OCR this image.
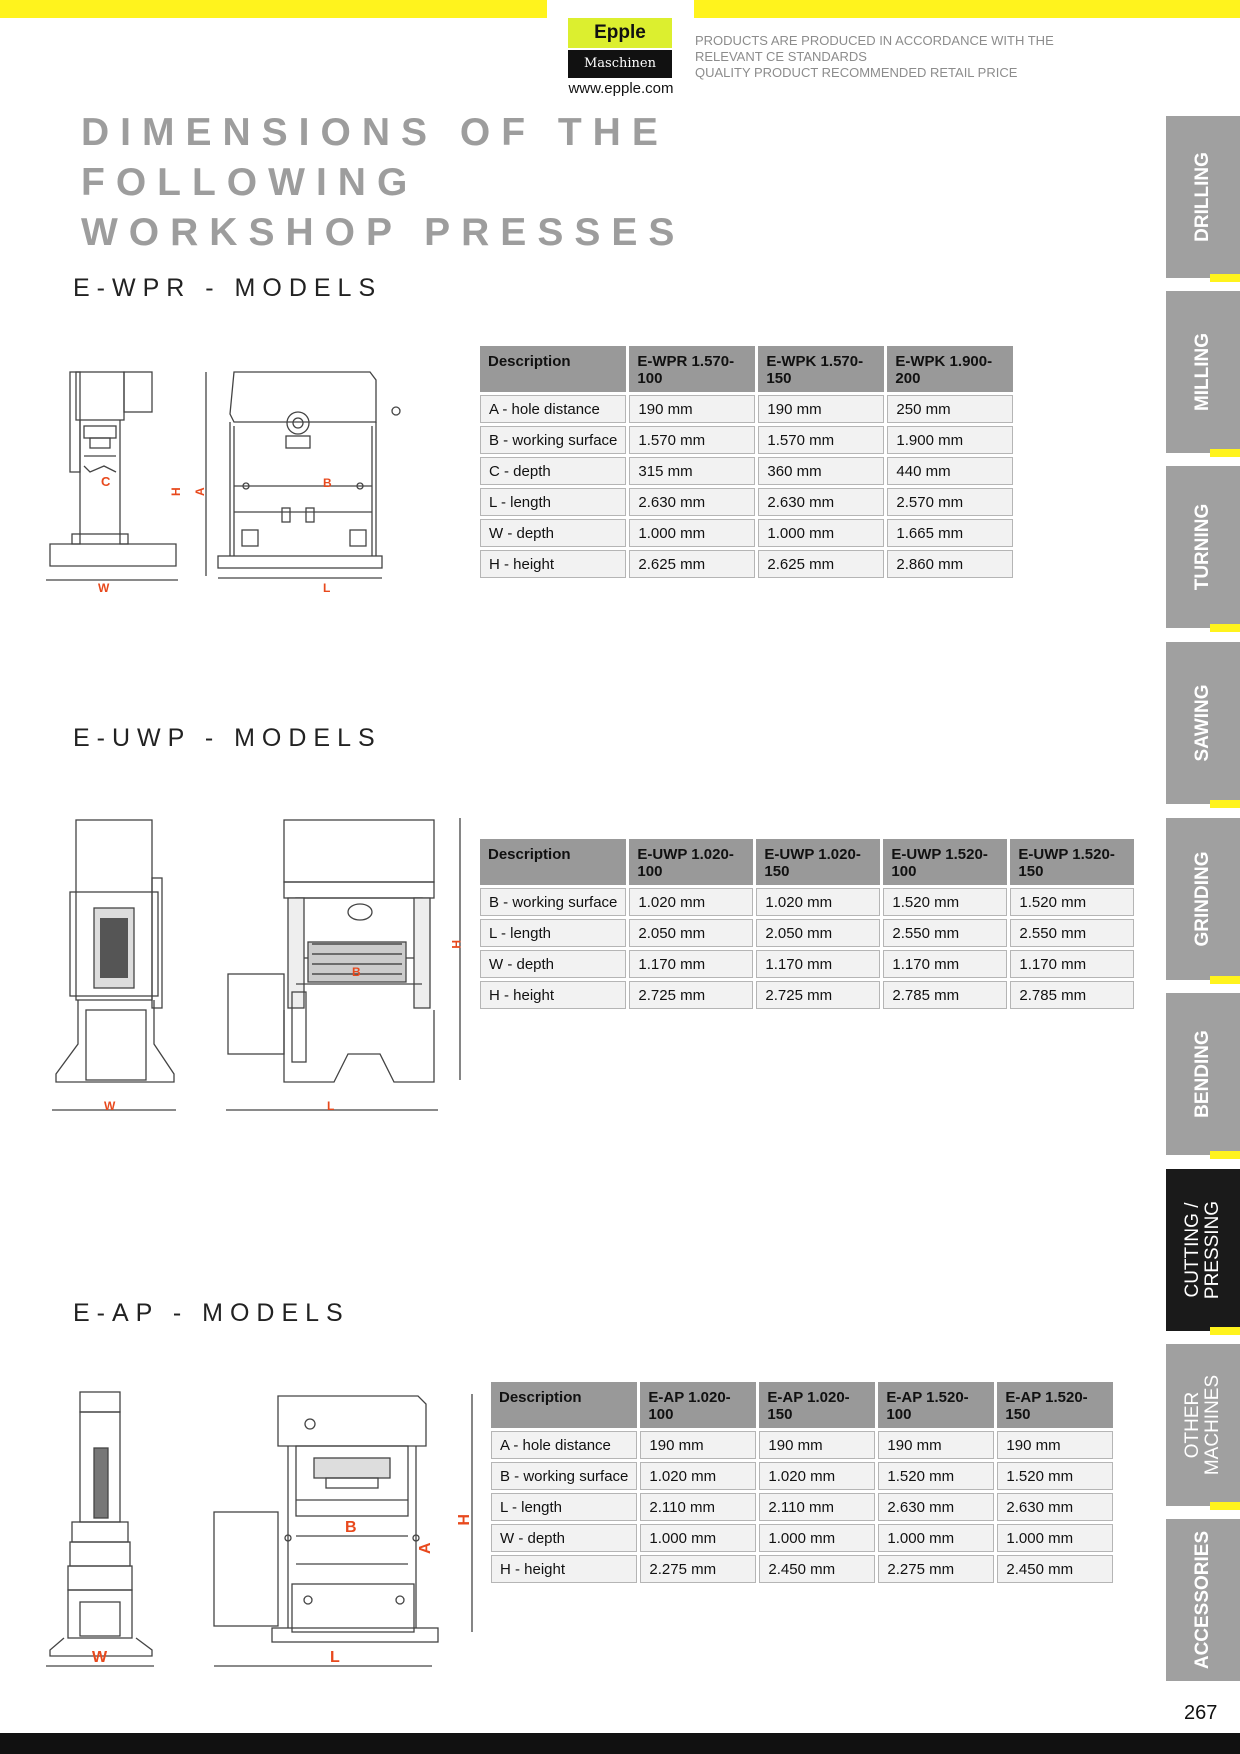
Epple
Maschinen
www.epple.com
PRODUCTS ARE PRODUCED IN ACCORDANCE WITH THE
RELEVANT CE STANDARDS
QUALITY PRODUCT RECOMMENDED RETAIL PRICE
DIMENSIONS OF THE FOLLOWING
WORKSHOP PRESSES
E-WPR - MODELS
C	B
A
H
W	L
Description	E-WPR 1.570-100	E-WPK 1.570-150	E-WPK 1.900-200
A - hole distance	190 mm	190 mm	250 mm
B - working surface	1.570 mm	1.570 mm	1.900 mm
C - depth	315 mm	360 mm	440 mm
L - length	2.630 mm	2.630 mm	2.570 mm
W - depth	1.000 mm	1.000 mm	1.665 mm
H - height	2.625 mm	2.625 mm	2.860 mm
E-UWP - MODELS
B
H
W	L
Description	E-UWP 1.020-100	E-UWP 1.020-150	E-UWP 1.520-100	E-UWP 1.520-150
B - working surface	1.020 mm	1.020 mm	1.520 mm	1.520 mm
L - length	2.050 mm	2.050 mm	2.550 mm	2.550 mm
W - depth	1.170 mm	1.170 mm	1.170 mm	1.170 mm
H - height	2.725 mm	2.725 mm	2.785 mm	2.785 mm
E-AP - MODELS
B
A
H
W	L
Description	E-AP 1.020-100	E-AP 1.020-150	E-AP 1.520-100	E-AP 1.520-150
A - hole distance	190 mm	190 mm	190 mm	190 mm
B - working surface	1.020 mm	1.020 mm	1.520 mm	1.520 mm
L - length	2.110 mm	2.110 mm	2.630 mm	2.630 mm
W - depth	1.000 mm	1.000 mm	1.000 mm	1.000 mm
H - height	2.275 mm	2.450 mm	2.275 mm	2.450 mm
DRILLING
MILLING
TURNING
SAWING
GRINDING
BENDING
CUTTING /
PRESSING
OTHER
MACHINES
ACCESSORIES
267
